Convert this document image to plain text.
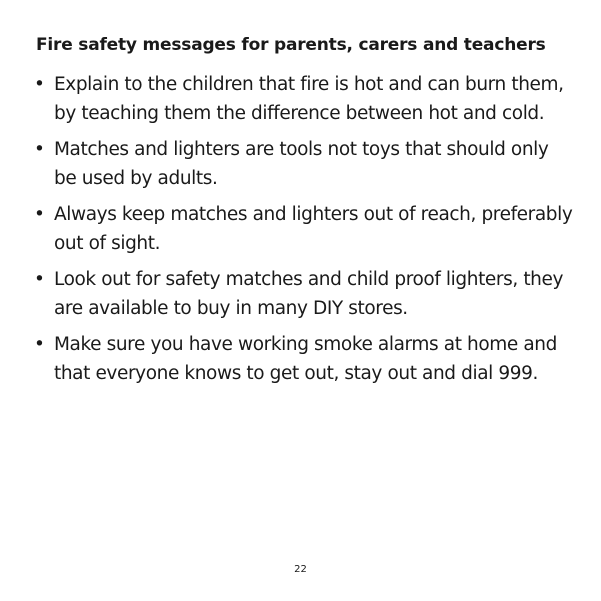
Fire safety messages for parents, carers and teachers
• Explain to the children that fire is hot and can burn them, by teaching them the difference between hot and cold.
• Matches and lighters are tools not toys that should only be used by adults.
• Always keep matches and lighters out of reach, preferably out of sight.
• Look out for safety matches and child proof lighters, they are available to buy in many DIY stores.
• Make sure you have working smoke alarms at home and that everyone knows to get out, stay out and dial 999.
22
